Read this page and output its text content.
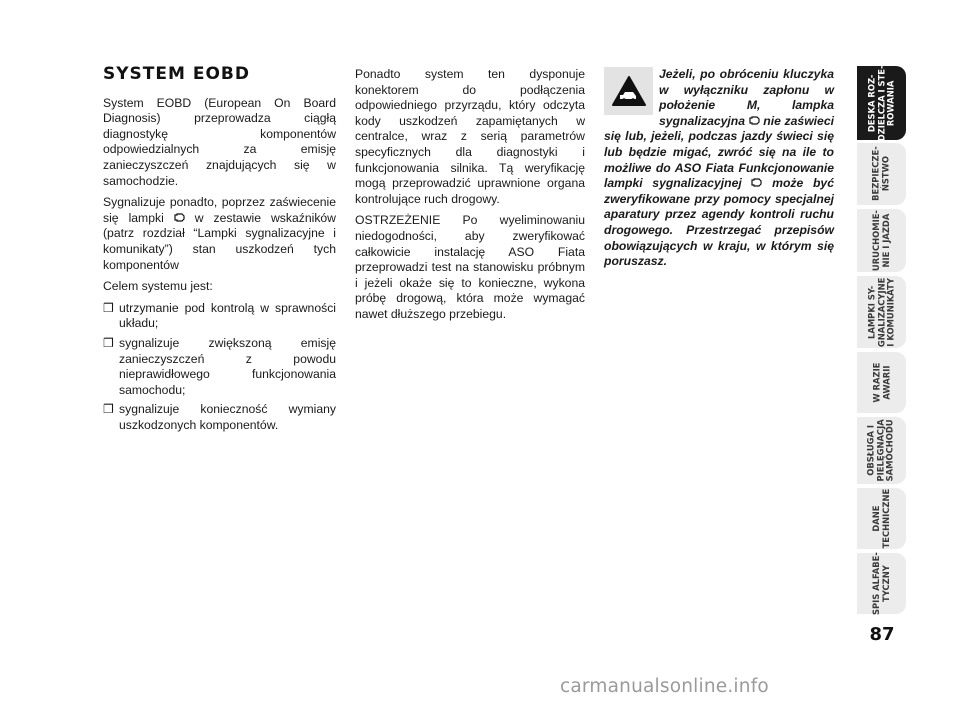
SYSTEM EOBD

System EOBD (European On Board Diagnosis) przeprowadza ciągłą diagnostykę komponentów odpowiedzialnych za emisję zanieczyszczeń znajdujących się w samochodzie.

Sygnalizuje ponadto, poprzez zaświecenie się lampki  w zestawie wskaźników (patrz rozdział “Lampki sygnalizacyjne i komunikaty”) stan uszkodzeń tych komponentów

Celem systemu jest:

❒ utrzymanie pod kontrolą w sprawności układu;
❒ sygnalizuje zwiększoną emisję zanieczyszczeń z powodu nieprawidłowego funkcjonowania samochodu;
❒ sygnalizuje konieczność wymiany uszkodzonych komponentów.

Ponadto system ten dysponuje konektorem do podłączenia odpowiedniego przyrządu, który odczyta kody uszkodzeń zapamiętanych w centralce, wraz z serią parametrów specyficznych dla diagnostyki i funkcjonowania silnika. Tą weryfikację mogą przeprowadzić uprawnione organa kontrolujące ruch drogowy.

OSTRZEŻENIE Po wyeliminowaniu niedogodności, aby zweryfikować całkowicie instalację ASO Fiata przeprowadzi test na stanowisku próbnym i jeżeli okaże się to konieczne, wykona próbę drogową, którа może wymagać nawet dłuższego przebiegu.

Jeżeli, po obróceniu kluczyka w wyłączniku zapłonu w położenie M, lampka sygnalizacyjna  nie zaświeci się lub, jeżeli, podczas jazdy świeci się lub będzie migać, zwróć się na ile to możliwe do ASO Fiata Funkcjonowanie lampki sygnalizacyjnej  może być zweryfikowane przy pomocy specjalnej aparatury przez agendy kontroli ruchu drogowego. Przestrzegać przepisów obowiązujących w kraju, w którym się poruszasz.

DESKA ROZ-
DZIELCZA I STE-
ROWANIA
BEZPIECZE-
ŃSTWO
URUCHOMIE-
NIE I JAZDA
LAMPKI SY-
GNALIZACYJNE
I KOMUNIKATY
W RAZIE
AWARII
OBSŁUGA I
PIELĘGNACJA
SAMOCHODU
DANE
TECHNICZNE
SPIS ALFABE-
TYCZNY
87
carmanualsonline.info
